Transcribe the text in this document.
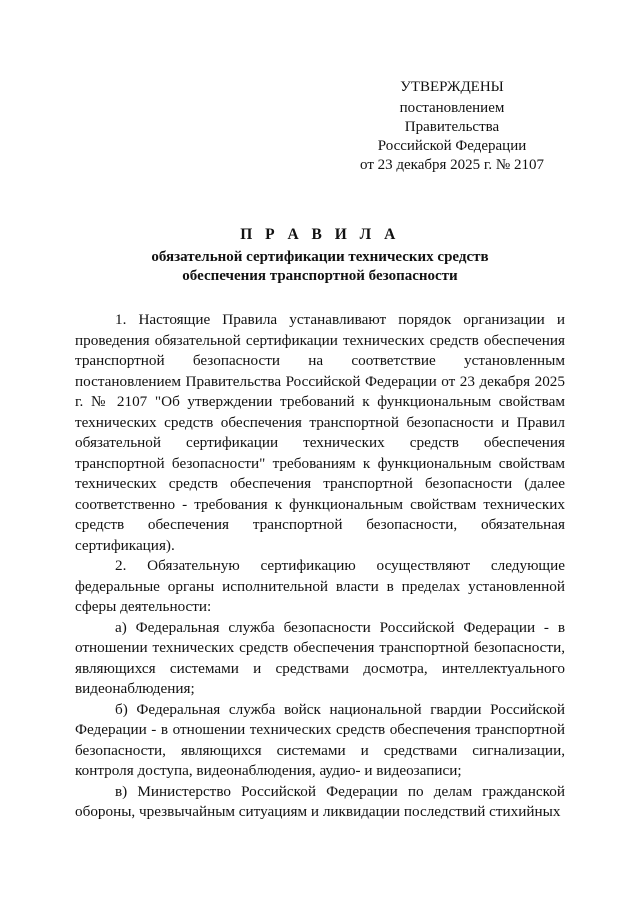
УТВЕРЖДЕНЫ
постановлением Правительства
Российской Федерации
от 23 декабря 2025 г. № 2107
П Р А В И Л А
обязательной сертификации технических средств
обеспечения транспортной безопасности

1. Настоящие Правила устанавливают порядок организации и проведения обязательной сертификации технических средств обеспечения транспортной безопасности на соответствие установленным постановлением Правительства Российской Федерации от 23 декабря 2025 г. № 2107 "Об утверждении требований к функциональным свойствам технических средств обеспечения транспортной безопасности и Правил обязательной сертификации технических средств обеспечения транспортной безопасности" требованиям к функциональным свойствам технических средств обеспечения транспортной безопасности (далее соответственно - требования к функциональным свойствам технических средств обеспечения транспортной безопасности, обязательная сертификация).

2. Обязательную сертификацию осуществляют следующие федеральные органы исполнительной власти в пределах установленной сферы деятельности:

а) Федеральная служба безопасности Российской Федерации - в отношении технических средств обеспечения транспортной безопасности, являющихся системами и средствами досмотра, интеллектуального видеонаблюдения;

б) Федеральная служба войск национальной гвардии Российской Федерации - в отношении технических средств обеспечения транспортной безопасности, являющихся системами и средствами сигнализации, контроля доступа, видеонаблюдения, аудио- и видеозаписи;

в) Министерство Российской Федерации по делам гражданской обороны, чрезвычайным ситуациям и ликвидации последствий стихийных
